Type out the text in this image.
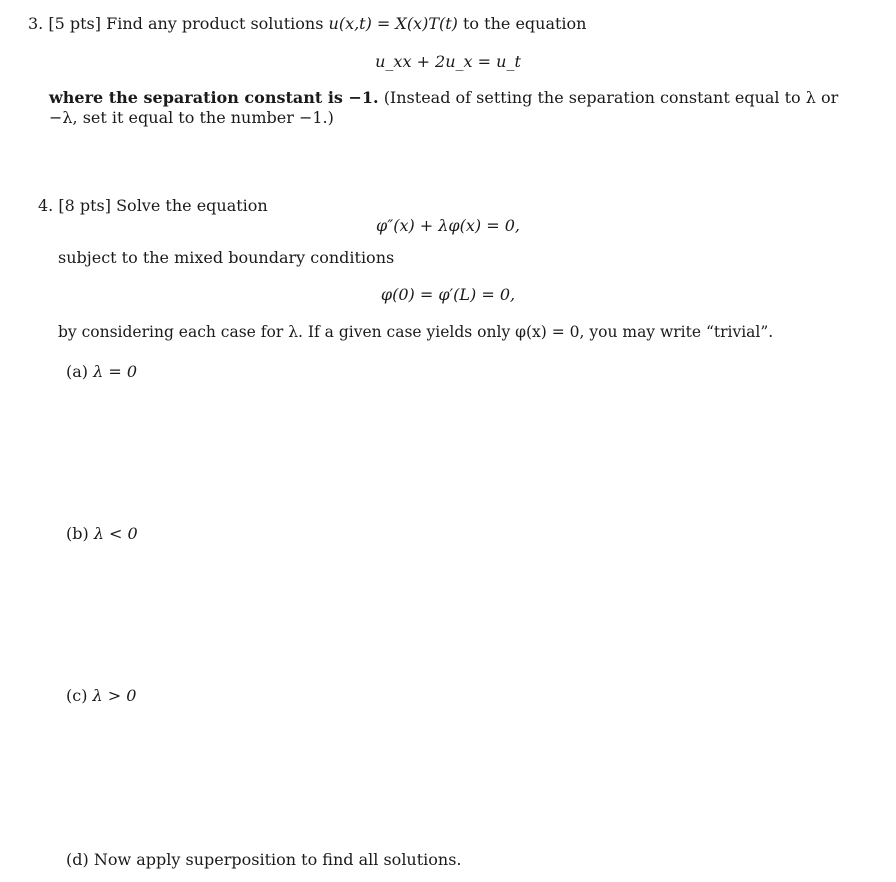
3. [5 pts] Find any product solutions u(x,t) = X(x)T(t) to the equation
u_xx + 2u_x = u_t
where the separation constant is −1. (Instead of setting the separation constant equal to λ or
−λ, set it equal to the number −1.)
4. [8 pts] Solve the equation
φ″(x) + λφ(x) = 0,
subject to the mixed boundary conditions
φ(0) = φ′(L) = 0,
by considering each case for λ. If a given case yields only φ(x) = 0, you may write “trivial”.
(a) λ = 0
(b) λ < 0
(c) λ > 0
(d) Now apply superposition to find all solutions.
